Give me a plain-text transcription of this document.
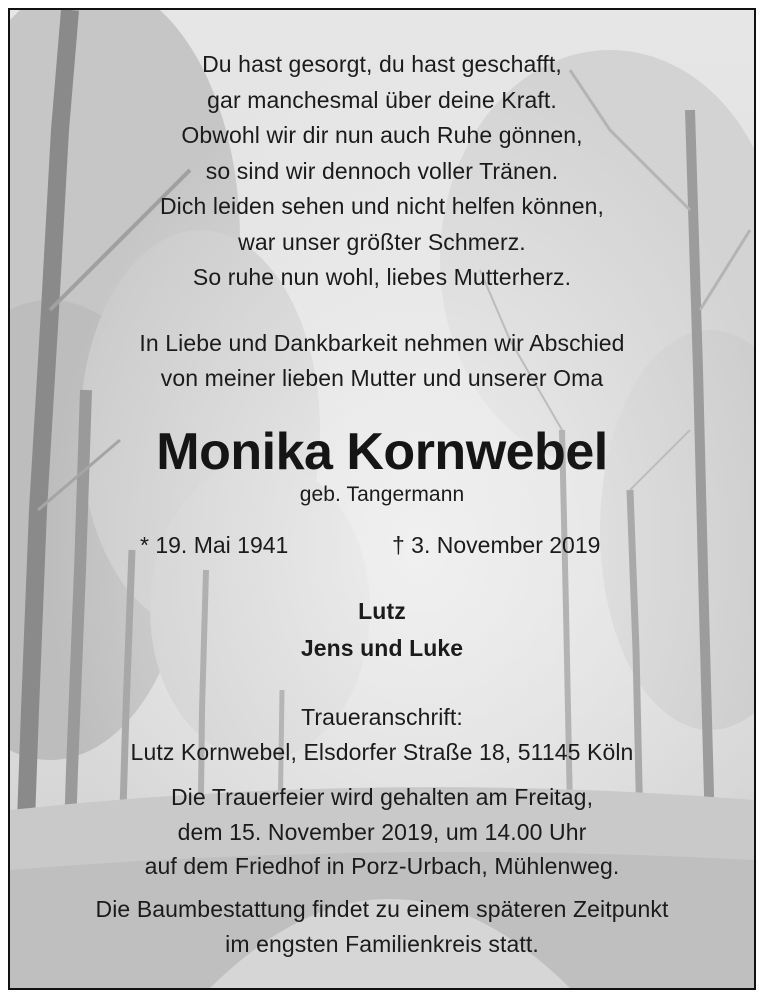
Du hast gesorgt, du hast geschafft,
gar manchesmal über deine Kraft.
Obwohl wir dir nun auch Ruhe gönnen,
so sind wir dennoch voller Tränen.
Dich leiden sehen und nicht helfen können,
war unser größter Schmerz.
So ruhe nun wohl, liebes Mutterherz.
In Liebe und Dankbarkeit nehmen wir Abschied
von meiner lieben Mutter und unserer Oma
Monika Kornwebel
geb. Tangermann
* 19. Mai 1941	† 3. November 2019
Lutz
Jens und Luke
Traueranschrift:
Lutz Kornwebel, Elsdorfer Straße 18, 51145 Köln
Die Trauerfeier wird gehalten am Freitag,
dem 15. November 2019, um 14.00 Uhr
auf dem Friedhof in Porz-Urbach, Mühlenweg.
Die Baumbestattung findet zu einem späteren Zeitpunkt
im engsten Familienkreis statt.
